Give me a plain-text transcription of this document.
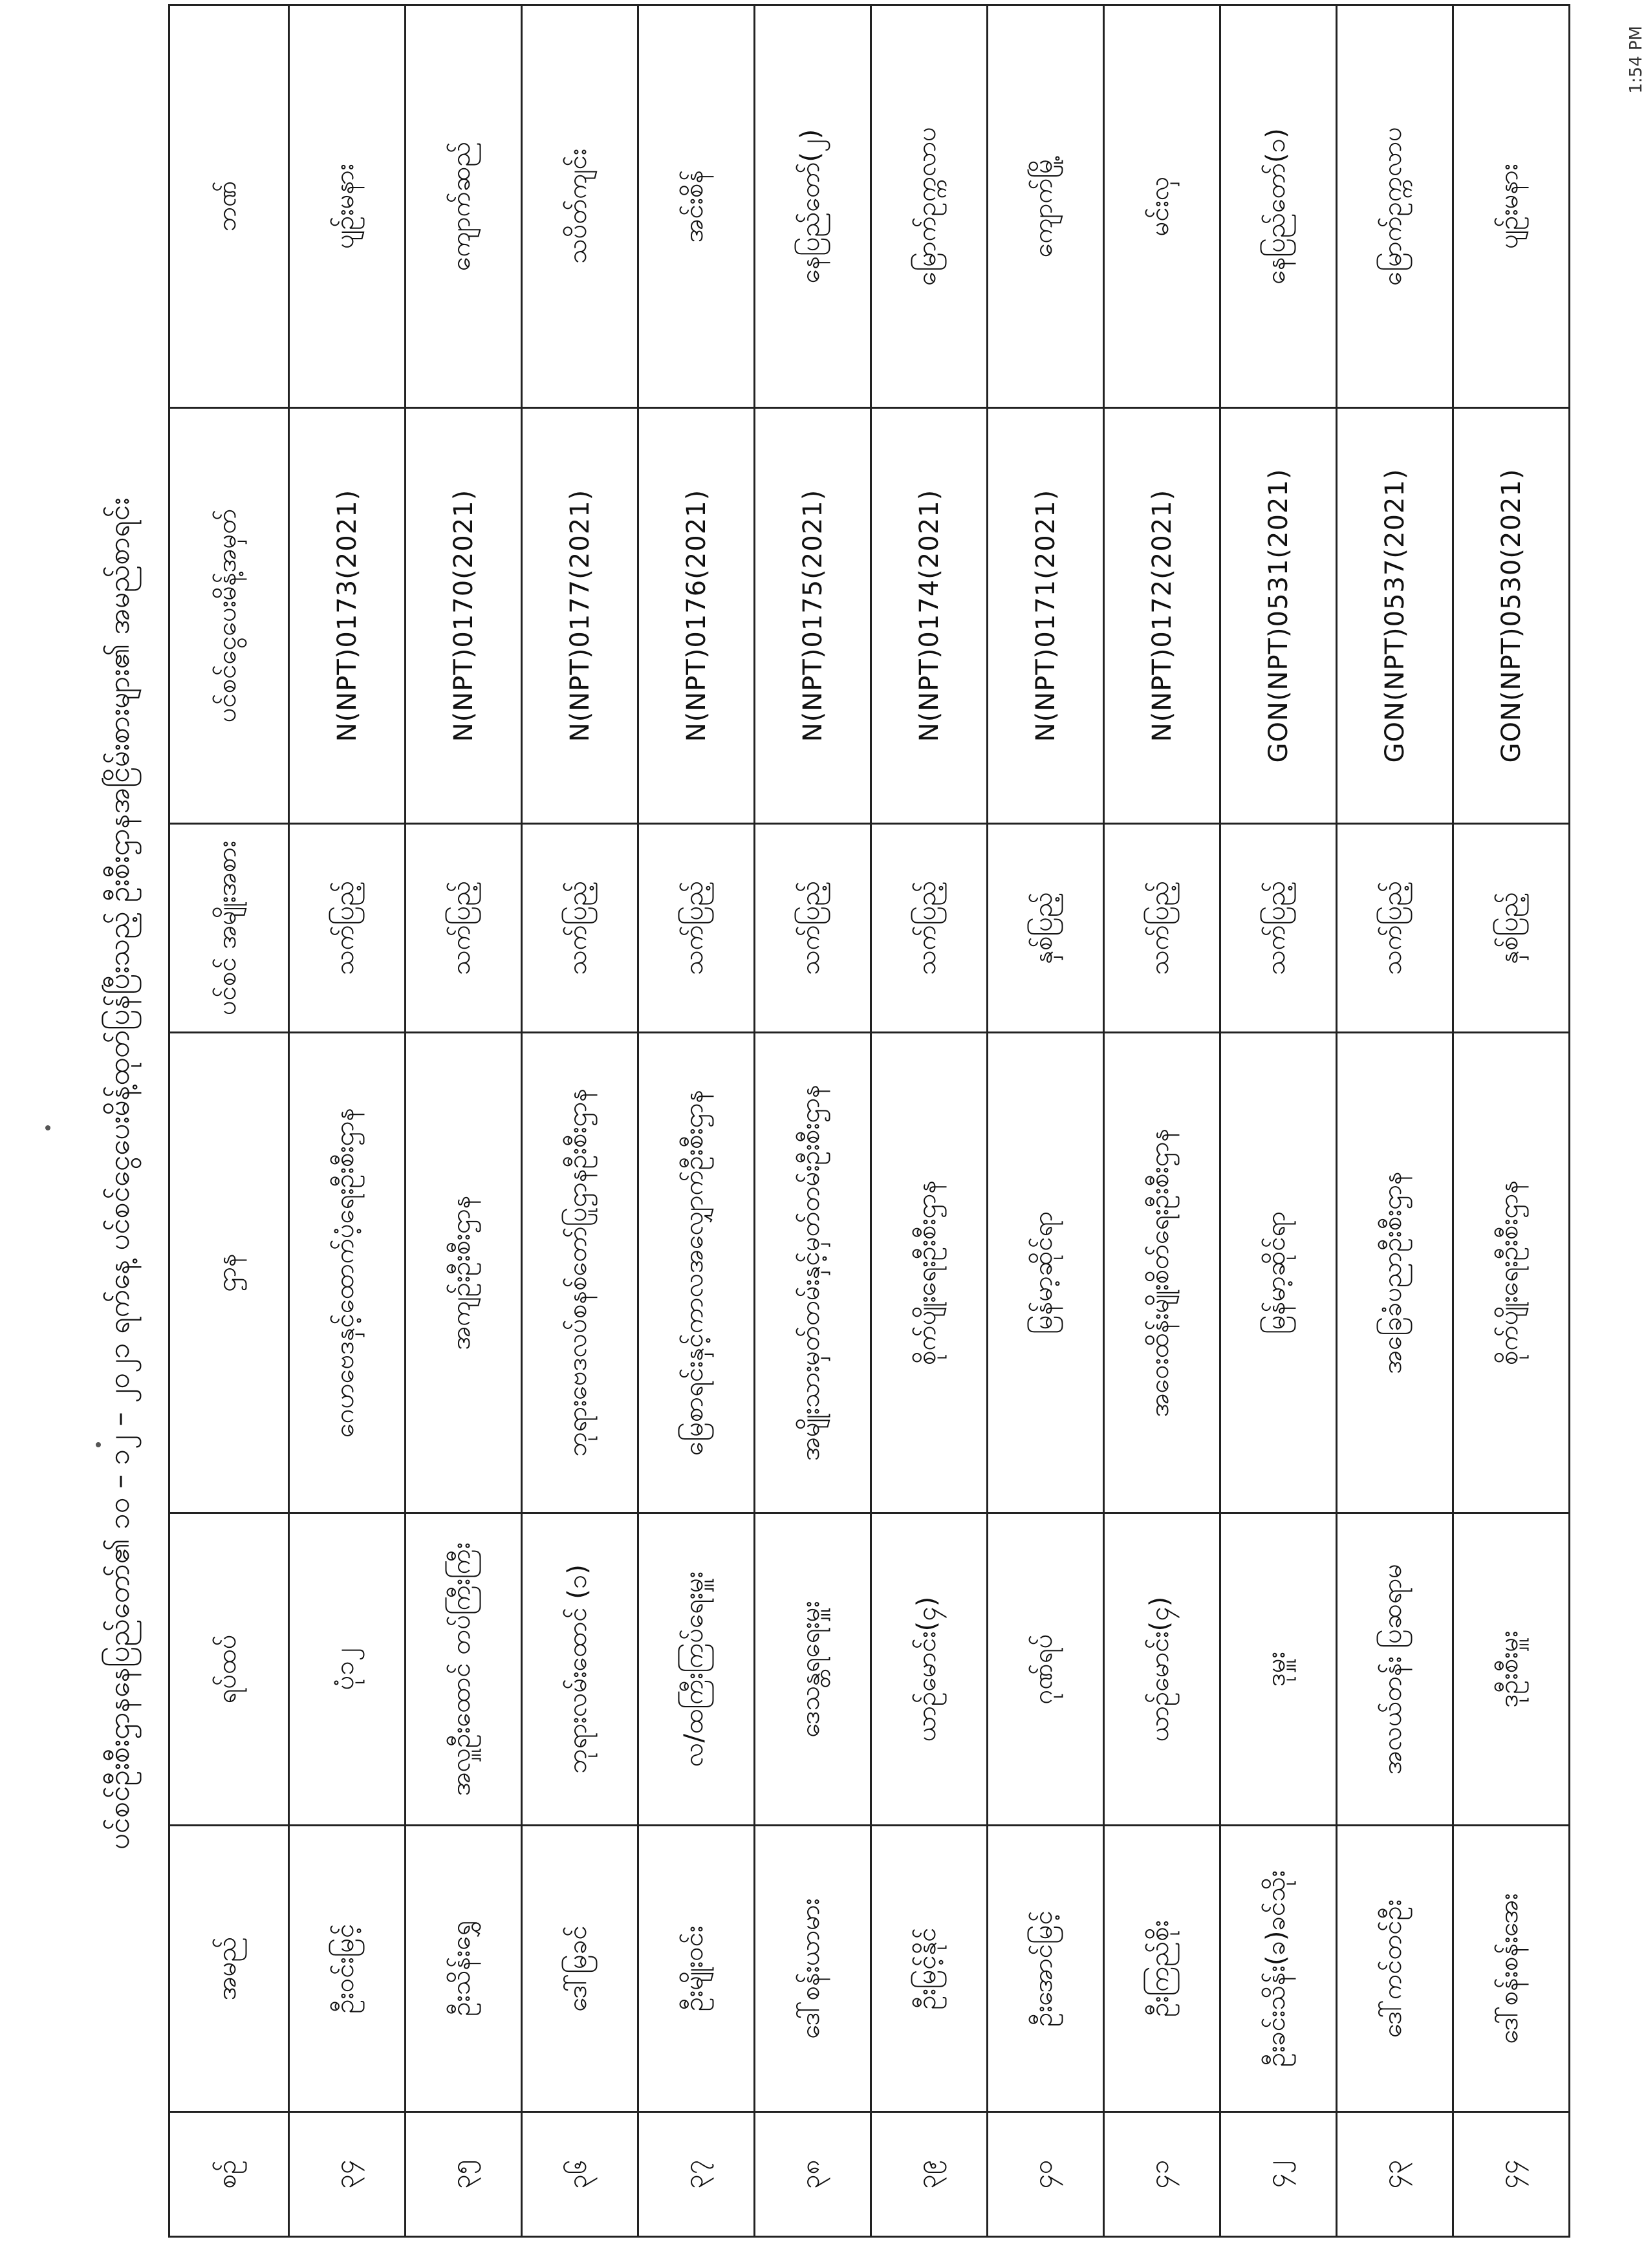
ပင်စင်ဦးစီးဌာနနေပြည်တော်၏ ၁၀ – ၁၂ – ၂၀၂၁ ရက်နေ့ ပင်စင်ငွေပေးမိန့်ထုတ်ပြန်ပြီးသည့် ဦးစီးဌာနအငြိမ်းစားများ၏ အမည်စာရင်း
စဉ်	အမည်	ရပ်ထပ်	ဌာန	ပင်စင် အမျိုးအစား	ပင်စင်ငွေပေးမိန့်အမှတ်	ဘဏ်
၃၄	ဦးဝင်းမြင့်	ပုံ၁၂	ဂေဟဗေဒနှင့်ထောက်ပံ့ရေးဦးစီးဌာန	သက်ပြည့်	N(NPT)0173(2021)	ပျဉ်းမနား
၃၅	ဦးသိန်းရွှေ	အလှူဦးထောင် တပ်ကြီးကြီး	အကျဉ်းဦးစီးဌာန	သက်ပြည့်	N(NPT)0170(2021)	ကျောက်ဆည်
၃၆	ဒေါ်မြခင်	ဘုရားလမ်းထောင် (၁)	ဘုရားဗေဒလပ်စနစ်တော်ပြုဌာနဦးစီးဌာန	သက်ပြည့်	N(NPT)0177(2021)	သပိတ်ကျင်း
၃၇	ဦးမျိုးဝင်း	လ/ထကြီးကြပ်ရေးမှူး	မြေစာရင်းနှင့်ကာလအလျှောက်ဦးစီးဌာန	သက်ပြည့်	N(NPT)0176(2021)	အင်းစိန်
၃၈	ဒေါ်စန်းယာမား	ဒေသန္တရရေးမှူး	အမျိုးသားမှတ်တမ်းနှင့်မှတ်တမ်းဦးစီးဌာန	သက်ပြည့်	N(NPT)0175(2021)	နေပြည်တော်(၂)
၃၉	ဦးမြင့်နိုင်	ယာဉ်မောင်း(၄)	စိုက်ပျိုးရေးဦးစီးဌာန	သက်ပြည့်	N(NPT)0174(2021)	မြောက်ဥက္ကလာပ
၄၀	ဦးအောင်မြင့်	ဂုဏ်ရပ်	မြန်မာ့ဆိုင်ရာ	နှစ်ပြည့်	N(NPT)0171(2021)	ကျောက်မြို့
၄၁	ဦးကြည်စိုး	ယာဉ်မောင်း(၄)	အဝေးထိန်းမျိုးစိတ်ရေးဦးစီးဌာန	သက်ပြည့်	N(NPT)0172(2021)	မင်းလှ
၄၂	ဦးခင်းသိန်း(ခ)ခင်သိုး	ဒုမှူး	မြန်မာ့ဆိုင်ရာ	သက်ပြည့်	GON(NPT)0531(2021)	နေပြည်တော်(၁)
၄၃	ဒေါ်ကင်တင်ဦး	အလယ်တန်း ပြဆရာမ	အခြေခံပညာဦးစီးဌာန	သက်ပြည့်	GON(NPT)0537(2021)	မြောက်ဥက္ကလာပ
၄၄	ဒေါ်စန်းစန်းအေး	ဒုဦးစီးမှူး	စိုက်ပျိုးရေးဦးစီးဌာန	နှစ်ပြည့်	GON(NPT)0530(2021)	ပျဉ်းမနား
1:54 PM
